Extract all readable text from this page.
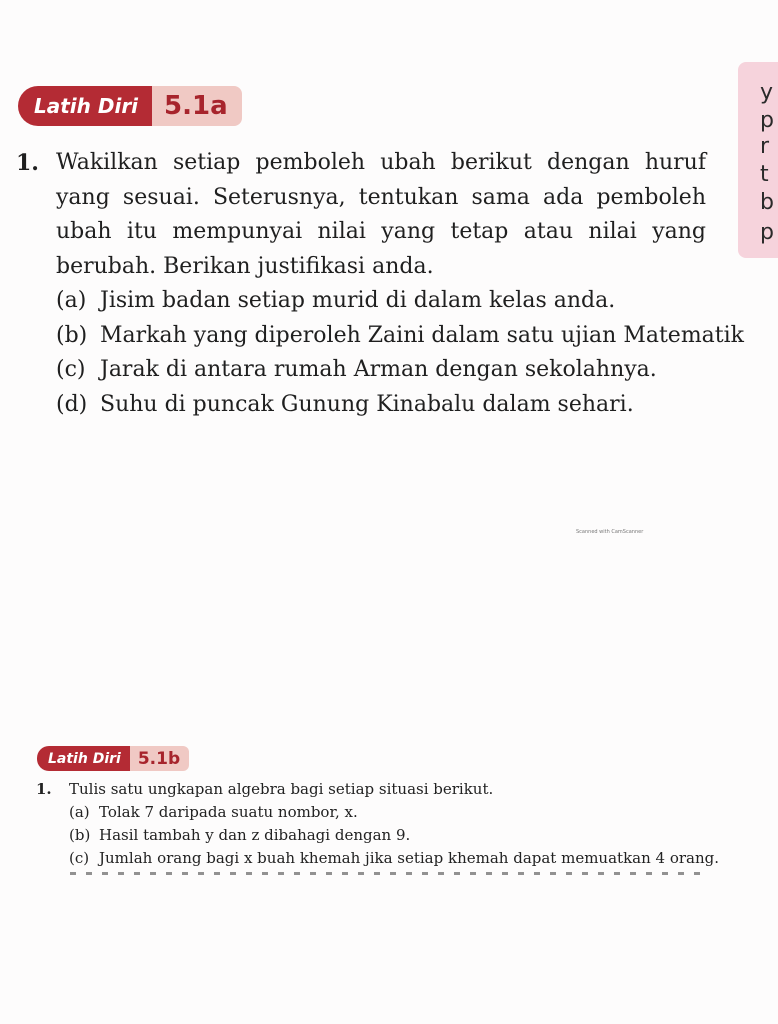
Latih Diri	5.1a	y
p
r
t
b
p
1. Wakilkan setiap pemboleh ubah berikut dengan huruf yang sesuai. Seterusnya, tentukan sama ada pemboleh ubah itu mempunyai nilai yang tetap atau nilai yang berubah. Berikan justifikasi anda.
(a) Jisim badan setiap murid di dalam kelas anda.
(b) Markah yang diperoleh Zaini dalam satu ujian Matematik
(c) Jarak di antara rumah Arman dengan sekolahnya.
(d) Suhu di puncak Gunung Kinabalu dalam sehari.
Scanned with CamScanner
Latih Diri	5.1b
1. Tulis satu ungkapan algebra bagi setiap situasi berikut.
(a) Tolak 7 daripada suatu nombor, x.
(b) Hasil tambah y dan z dibahagi dengan 9.
(c) Jumlah orang bagi x buah khemah jika setiap khemah dapat memuatkan 4 orang.
